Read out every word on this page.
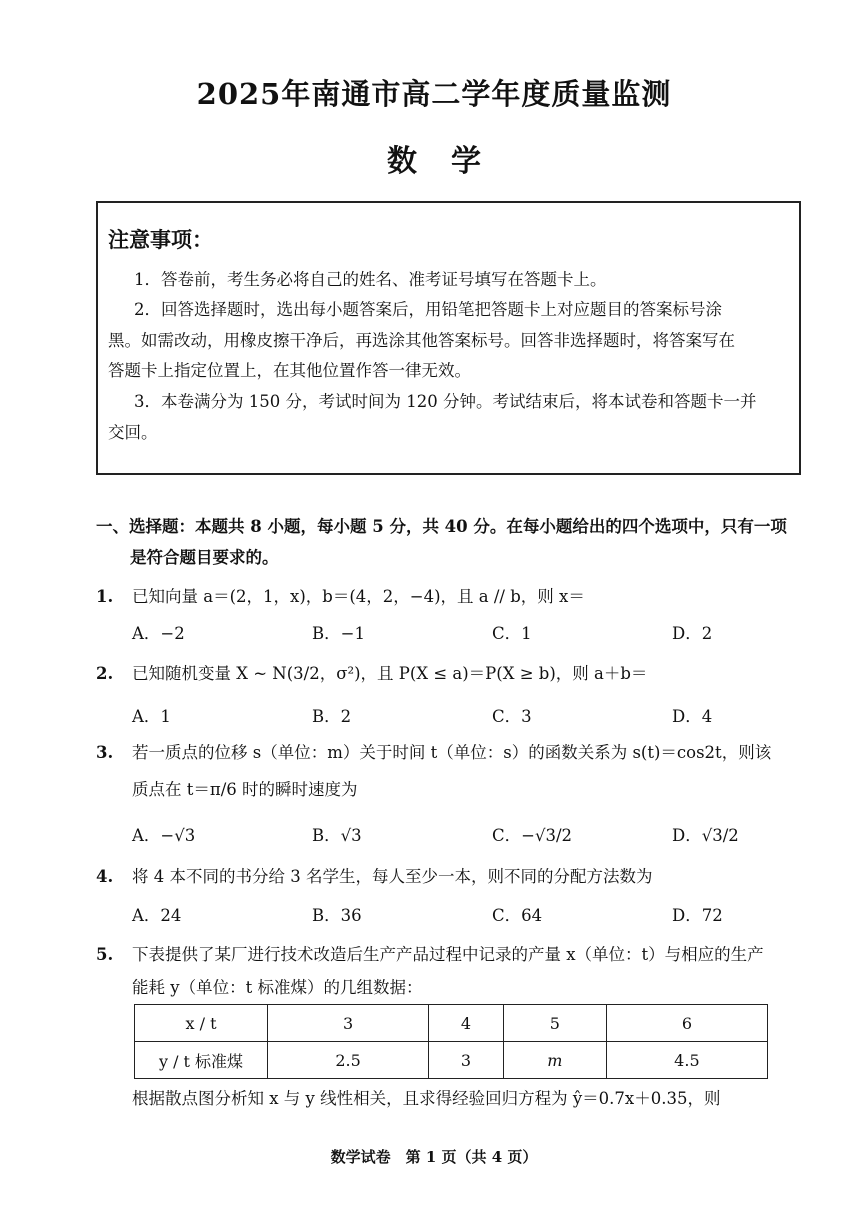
2025年南通市高二学年度质量监测
数学
注意事项：
1．答卷前，考生务必将自己的姓名、准考证号填写在答题卡上。
2．回答选择题时，选出每小题答案后，用铅笔把答题卡上对应题目的答案标号涂
黑。如需改动，用橡皮擦干净后，再选涂其他答案标号。回答非选择题时，将答案写在
答题卡上指定位置上，在其他位置作答一律无效。
3．本卷满分为 150 分，考试时间为 120 分钟。考试结束后，将本试卷和答题卡一并
交回。
一、选择题：本题共 8 小题，每小题 5 分，共 40 分。在每小题给出的四个选项中，只有一项
是符合题目要求的。
1. 已知向量 a＝(2，1，x)，b＝(4，2，−4)，且 a // b，则 x＝
A．−2	B．−1	C．1	D．2
2. 已知随机变量 X ~ N(3/2，σ²)，且 P(X ≤ a)＝P(X ≥ b)，则 a＋b＝
A．1	B．2	C．3	D．4
3. 若一质点的位移 s（单位：m）关于时间 t（单位：s）的函数关系为 s(t)＝cos2t，则该
质点在 t＝π/6 时的瞬时速度为
A．−√3	B．√3	C．−√3/2	D．√3/2
4. 将 4 本不同的书分给 3 名学生，每人至少一本，则不同的分配方法数为
A．24	B．36	C．64	D．72
5. 下表提供了某厂进行技术改造后生产产品过程中记录的产量 x（单位：t）与相应的生产
能耗 y（单位：t 标准煤）的几组数据：
x / t	3	4	5	6
y / t 标准煤	2.5	3	m	4.5
根据散点图分析知 x 与 y 线性相关，且求得经验回归方程为 ŷ＝0.7x＋0.35，则
数学试卷　第 1 页（共 4 页）
